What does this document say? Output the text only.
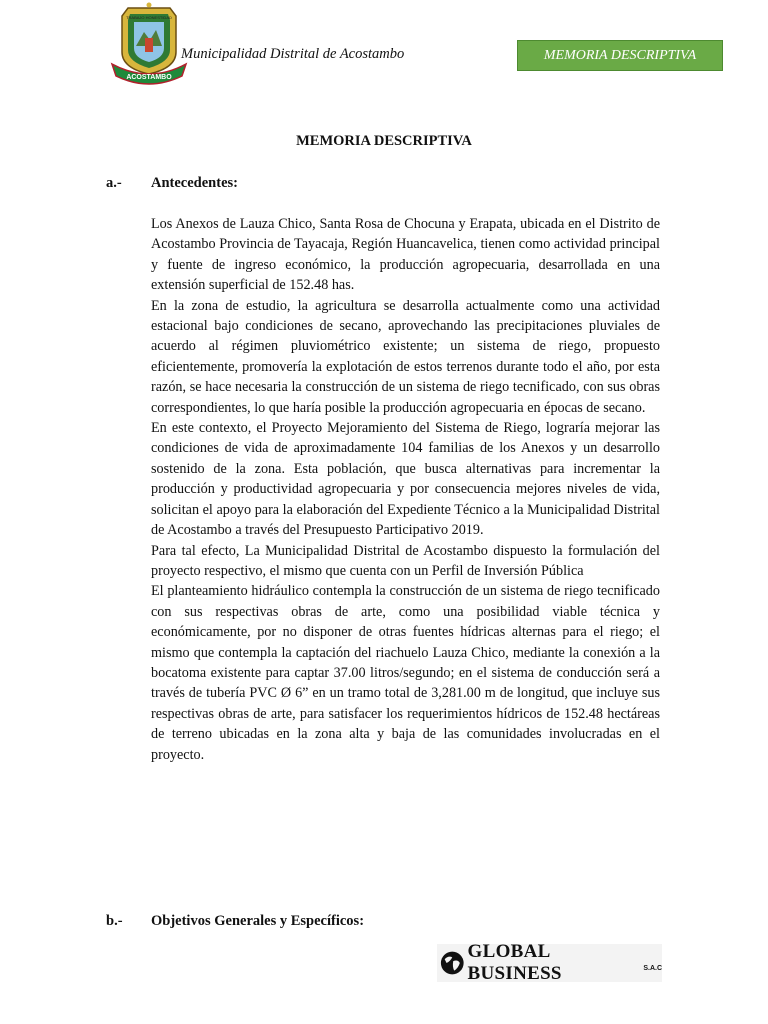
ACOSTAMBO
TRABAJO HONESTIDAD
Municipalidad Distrital de Acostambo	MEMORIA DESCRIPTIVA
MEMORIA DESCRIPTIVA
a.- Antecedentes:

Los Anexos de Lauza Chico, Santa Rosa de Chocuna y Erapata, ubicada en el Distrito de Acostambo Provincia de Tayacaja, Región Huancavelica, tienen como actividad principal y fuente de ingreso económico, la producción agropecuaria, desarrollada en una extensión superficial de 152.48 has.

En la zona de estudio, la agricultura se desarrolla actualmente como una actividad estacional bajo condiciones de secano, aprovechando las precipitaciones pluviales de acuerdo al régimen pluviométrico existente; un sistema de riego, propuesto eficientemente, promovería la explotación de estos terrenos durante todo el año, por esta razón, se hace necesaria la construcción de un sistema de riego tecnificado, con sus obras correspondientes, lo que haría posible la producción agropecuaria en épocas de secano.

En este contexto, el Proyecto Mejoramiento del Sistema de Riego, lograría mejorar las condiciones de vida de aproximadamente 104 familias de los Anexos y un desarrollo sostenido de la zona. Esta población, que busca alternativas para incrementar la producción y productividad agropecuaria y por consecuencia mejores niveles de vida, solicitan el apoyo para la elaboración del Expediente Técnico a la Municipalidad Distrital de Acostambo a través del Presupuesto Participativo 2019.

Para tal efecto, La Municipalidad Distrital de Acostambo dispuesto la formulación del proyecto respectivo, el mismo que cuenta con un Perfil de Inversión Pública

El planteamiento hidráulico contempla la construcción de un sistema de riego tecnificado con sus respectivas obras de arte, como una posibilidad viable técnica y económicamente, por no disponer de otras fuentes hídricas alternas para el riego; el mismo que contempla la captación del riachuelo Lauza Chico, mediante la conexión a la bocatoma existente para captar 37.00 litros/segundo; en el sistema de conducción será a través de tubería PVC Ø 6” en un tramo total de 3,281.00 m de longitud, que incluye sus respectivas obras de arte, para satisfacer los requerimientos hídricos de 152.48 hectáreas de terreno ubicadas en la zona alta y baja de las comunidades involucradas en el proyecto.

b.- Objetivos Generales y Específicos:
GLOBAL BUSINESS	S.A.C
